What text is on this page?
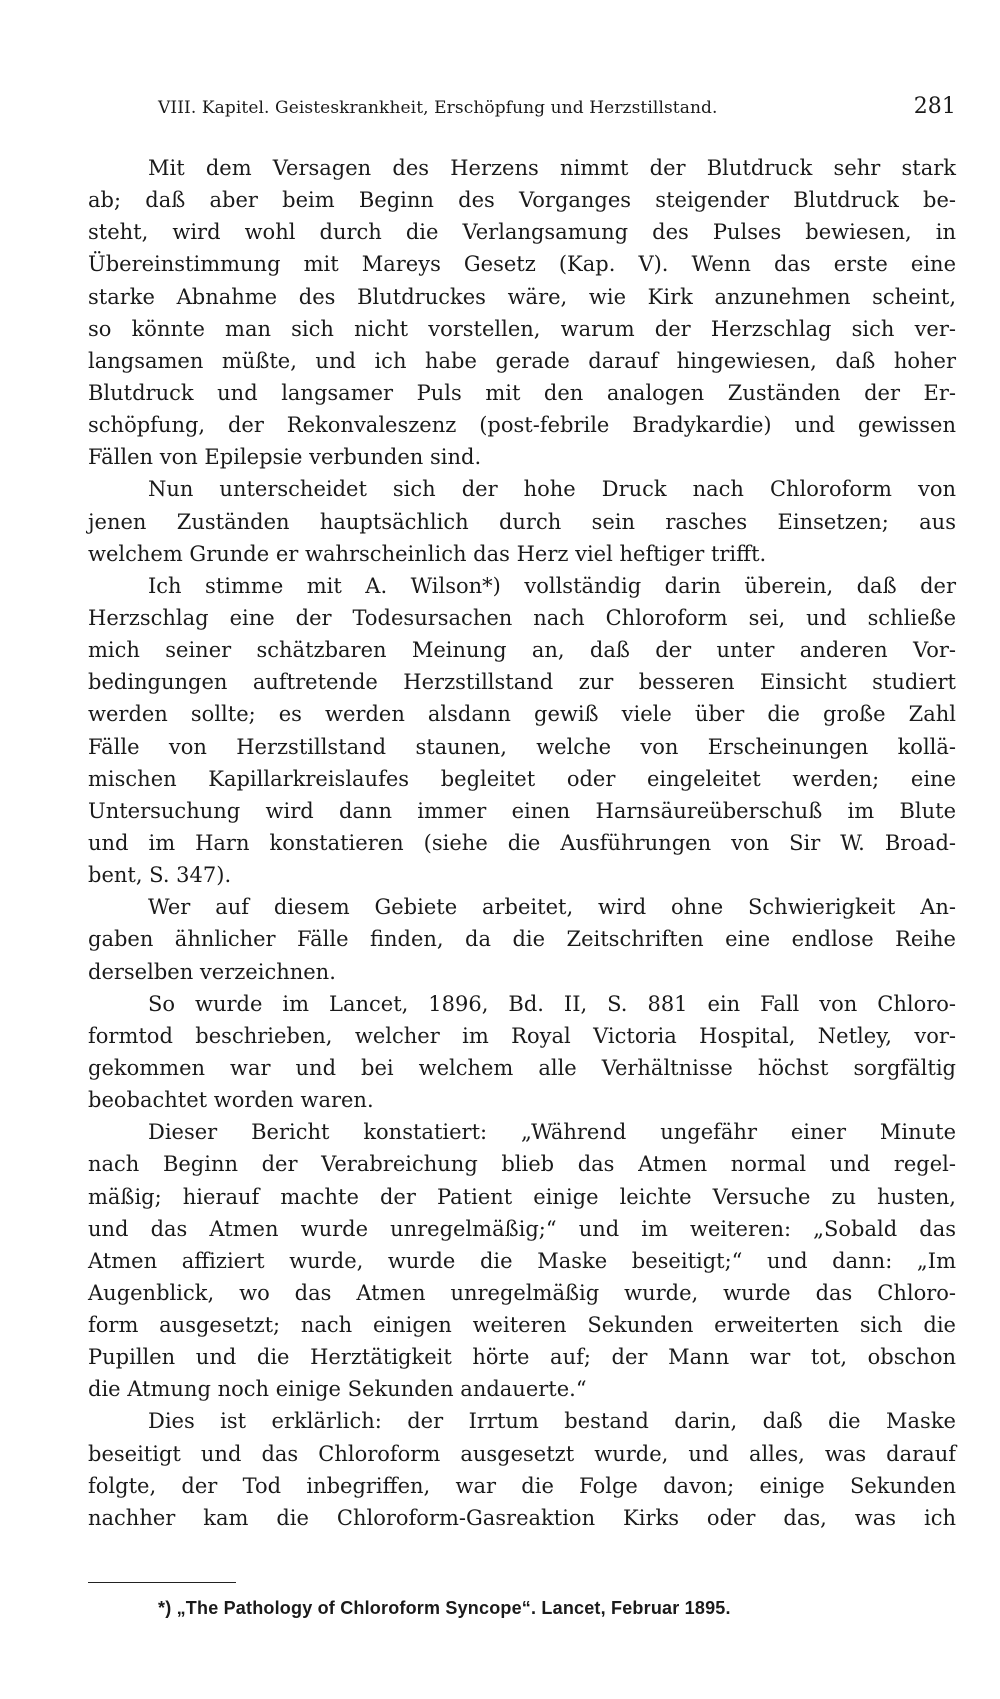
VIII. Kapitel. Geisteskrankheit, Erschöpfung und Herzstillstand.	281
Mit dem Versagen des Herzens nimmt der Blutdruck sehr stark
ab; daß aber beim Beginn des Vorganges steigender Blutdruck be-
steht, wird wohl durch die Verlangsamung des Pulses bewiesen, in
Übereinstimmung mit Mareys Gesetz (Kap. V). Wenn das erste eine
starke Abnahme des Blutdruckes wäre, wie Kirk anzunehmen scheint,
so könnte man sich nicht vorstellen, warum der Herzschlag sich ver-
langsamen müßte, und ich habe gerade darauf hingewiesen, daß hoher
Blutdruck und langsamer Puls mit den analogen Zuständen der Er-
schöpfung, der Rekonvaleszenz (post-febrile Bradykardie) und gewissen
Fällen von Epilepsie verbunden sind.
Nun unterscheidet sich der hohe Druck nach Chloroform von
jenen Zuständen hauptsächlich durch sein rasches Einsetzen; aus
welchem Grunde er wahrscheinlich das Herz viel heftiger trifft.
Ich stimme mit A. Wilson*) vollständig darin überein, daß der
Herzschlag eine der Todesursachen nach Chloroform sei, und schließe
mich seiner schätzbaren Meinung an, daß der unter anderen Vor-
bedingungen auftretende Herzstillstand zur besseren Einsicht studiert
werden sollte; es werden alsdann gewiß viele über die große Zahl
Fälle von Herzstillstand staunen, welche von Erscheinungen kollä-
mischen Kapillarkreislaufes begleitet oder eingeleitet werden; eine
Untersuchung wird dann immer einen Harnsäureüberschuß im Blute
und im Harn konstatieren (siehe die Ausführungen von Sir W. Broad-
bent, S. 347).
Wer auf diesem Gebiete arbeitet, wird ohne Schwierigkeit An-
gaben ähnlicher Fälle finden, da die Zeitschriften eine endlose Reihe
derselben verzeichnen.
So wurde im Lancet, 1896, Bd. II, S. 881 ein Fall von Chloro-
formtod beschrieben, welcher im Royal Victoria Hospital, Netley, vor-
gekommen war und bei welchem alle Verhältnisse höchst sorgfältig
beobachtet worden waren.
Dieser Bericht konstatiert: „Während ungefähr einer Minute
nach Beginn der Verabreichung blieb das Atmen normal und regel-
mäßig; hierauf machte der Patient einige leichte Versuche zu husten,
und das Atmen wurde unregelmäßig;“ und im weiteren: „Sobald das
Atmen affiziert wurde, wurde die Maske beseitigt;“ und dann: „Im
Augenblick, wo das Atmen unregelmäßig wurde, wurde das Chloro-
form ausgesetzt; nach einigen weiteren Sekunden erweiterten sich die
Pupillen und die Herztätigkeit hörte auf; der Mann war tot, obschon
die Atmung noch einige Sekunden andauerte.“
Dies ist erklärlich: der Irrtum bestand darin, daß die Maske
beseitigt und das Chloroform ausgesetzt wurde, und alles, was darauf
folgte, der Tod inbegriffen, war die Folge davon; einige Sekunden
nachher kam die Chloroform-Gasreaktion Kirks oder das, was ich
*) „The Pathology of Chloroform Syncope“. Lancet, Februar 1895.
